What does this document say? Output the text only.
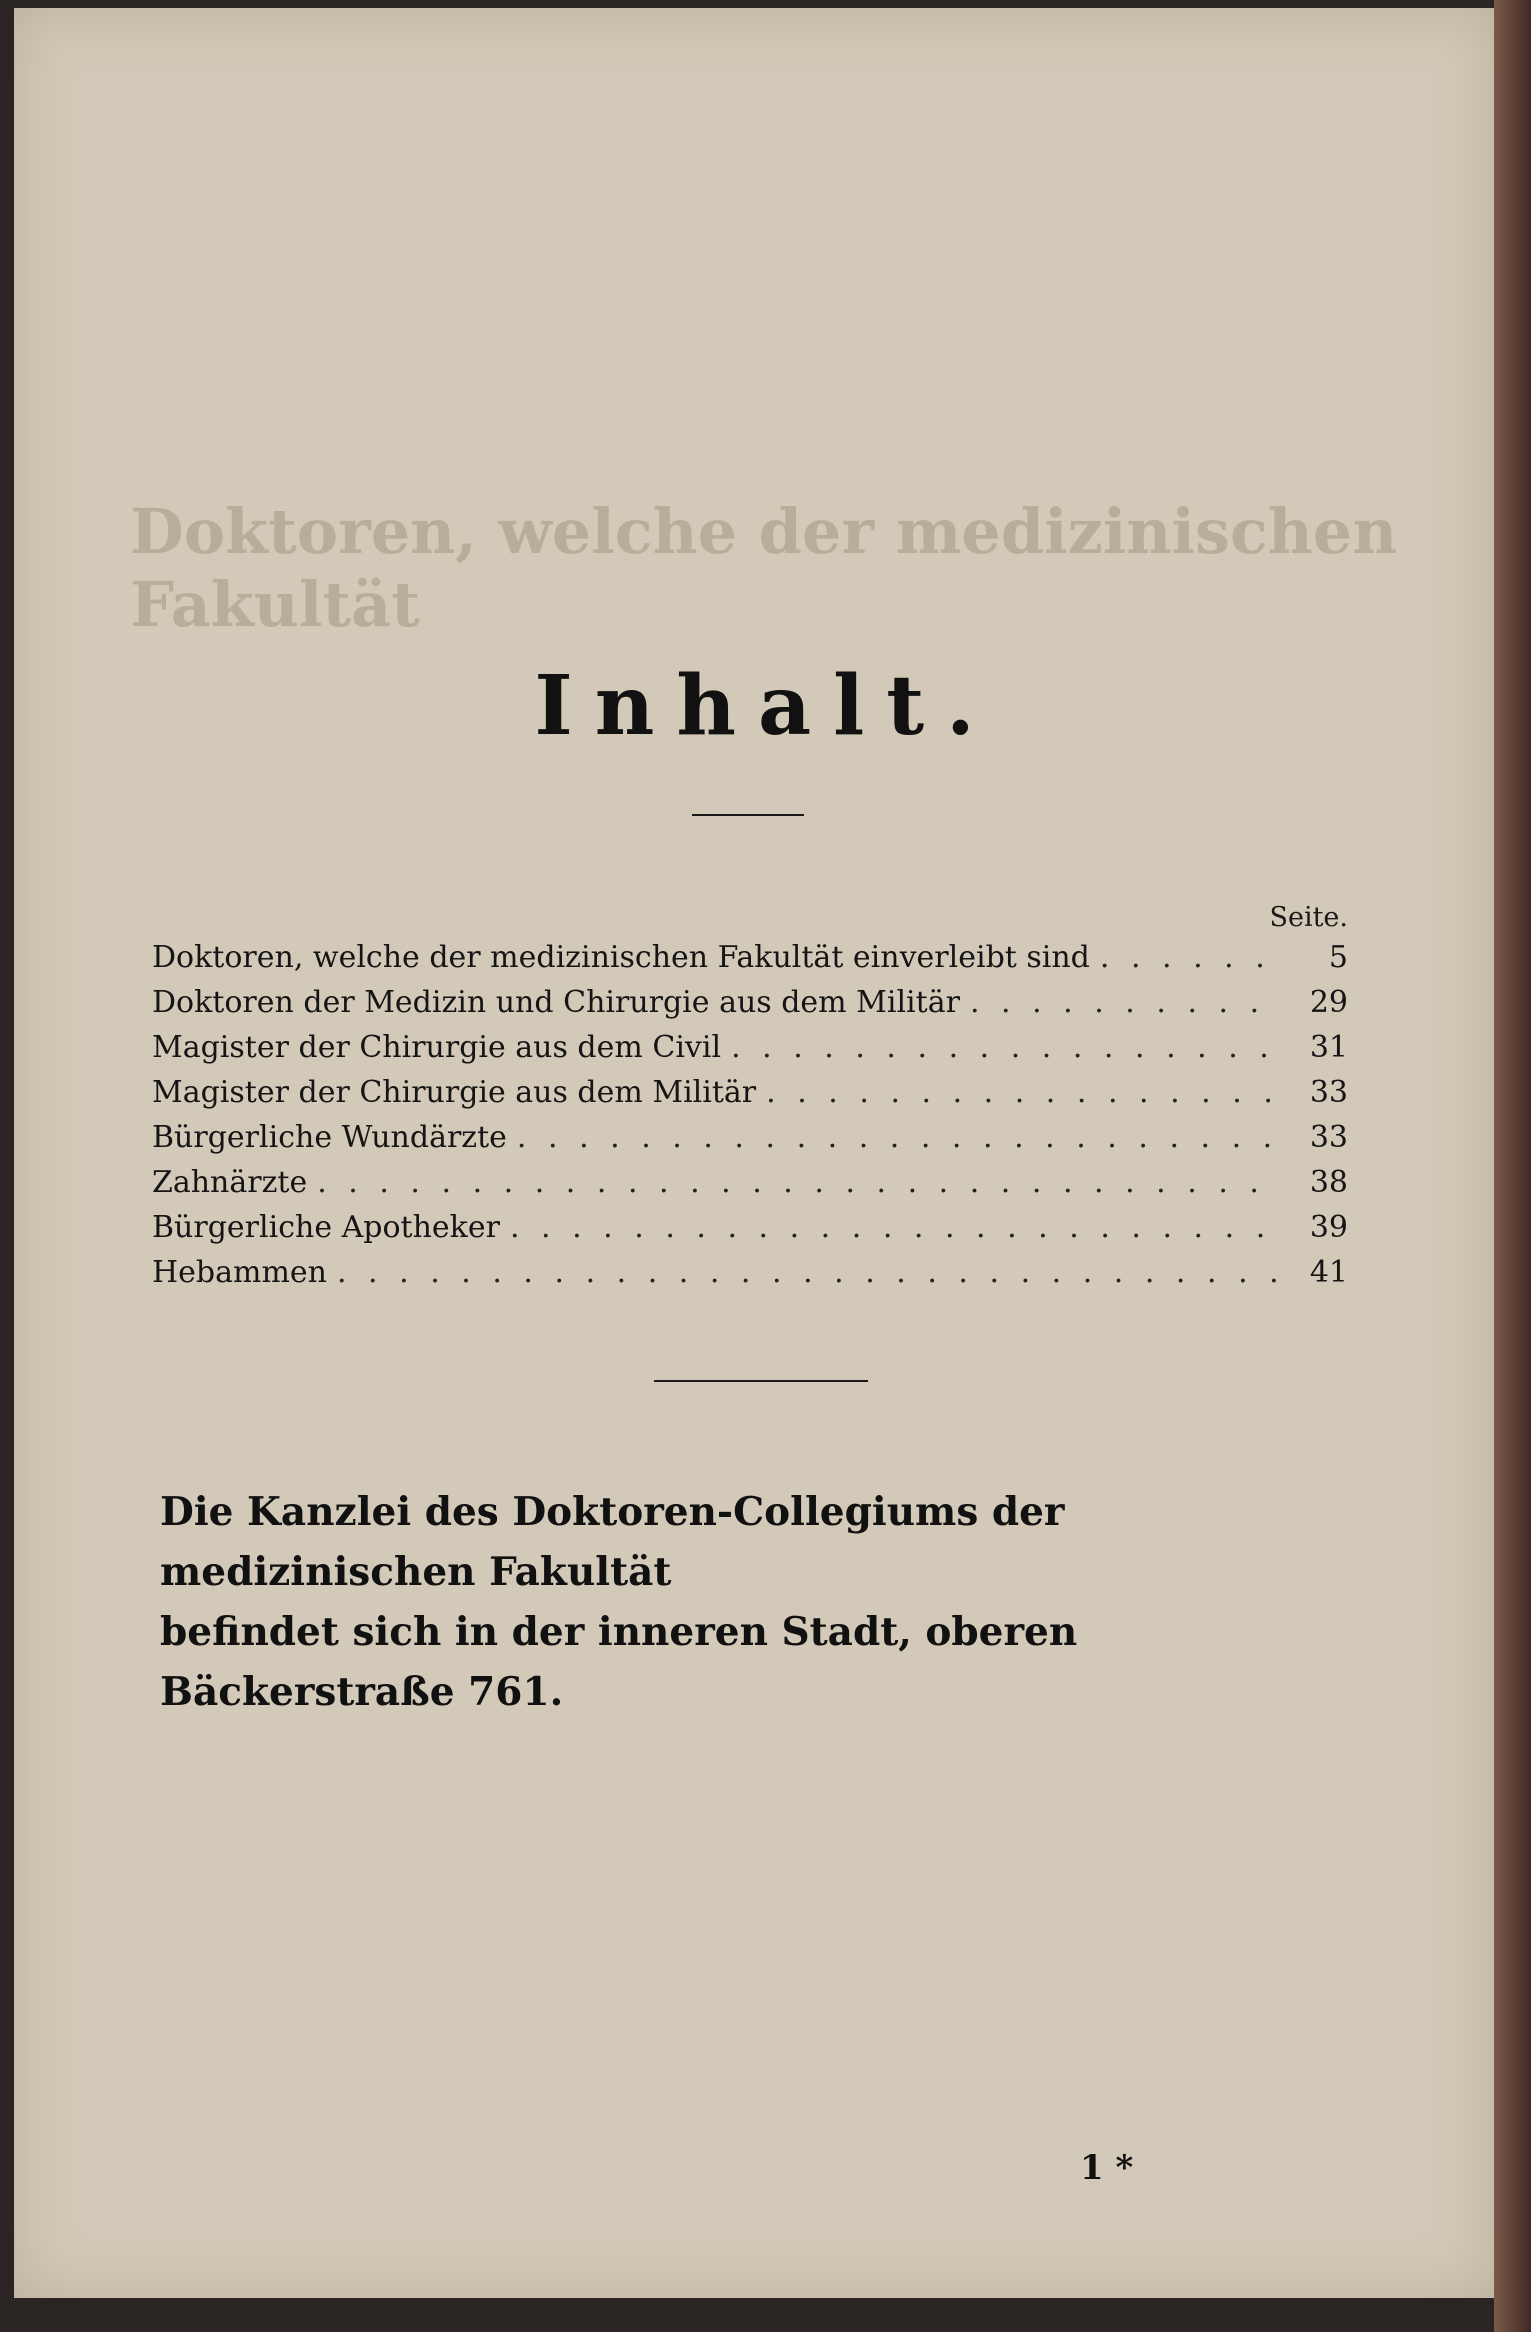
Doktoren, welche der medizinischen Fakultät
Inhalt.
Seite.
Doktoren, welche der medizinischen Fakultät einverleibt sind . . .	5
Doktoren der Medizin und Chirurgie aus dem Militär . . .	29
Magister der Chirurgie aus dem Civil . . .	31
Magister der Chirurgie aus dem Militär . . .	33
Bürgerliche Wundärzte . . .	33
Zahnärzte . . .	38
Bürgerliche Apotheker . . .	39
Hebammen . . .	41
Die Kanzlei des Doktoren-Collegiums der medizinischen Fakultät
befindet sich in der inneren Stadt, oberen Bäckerstraße 761.
1 *
